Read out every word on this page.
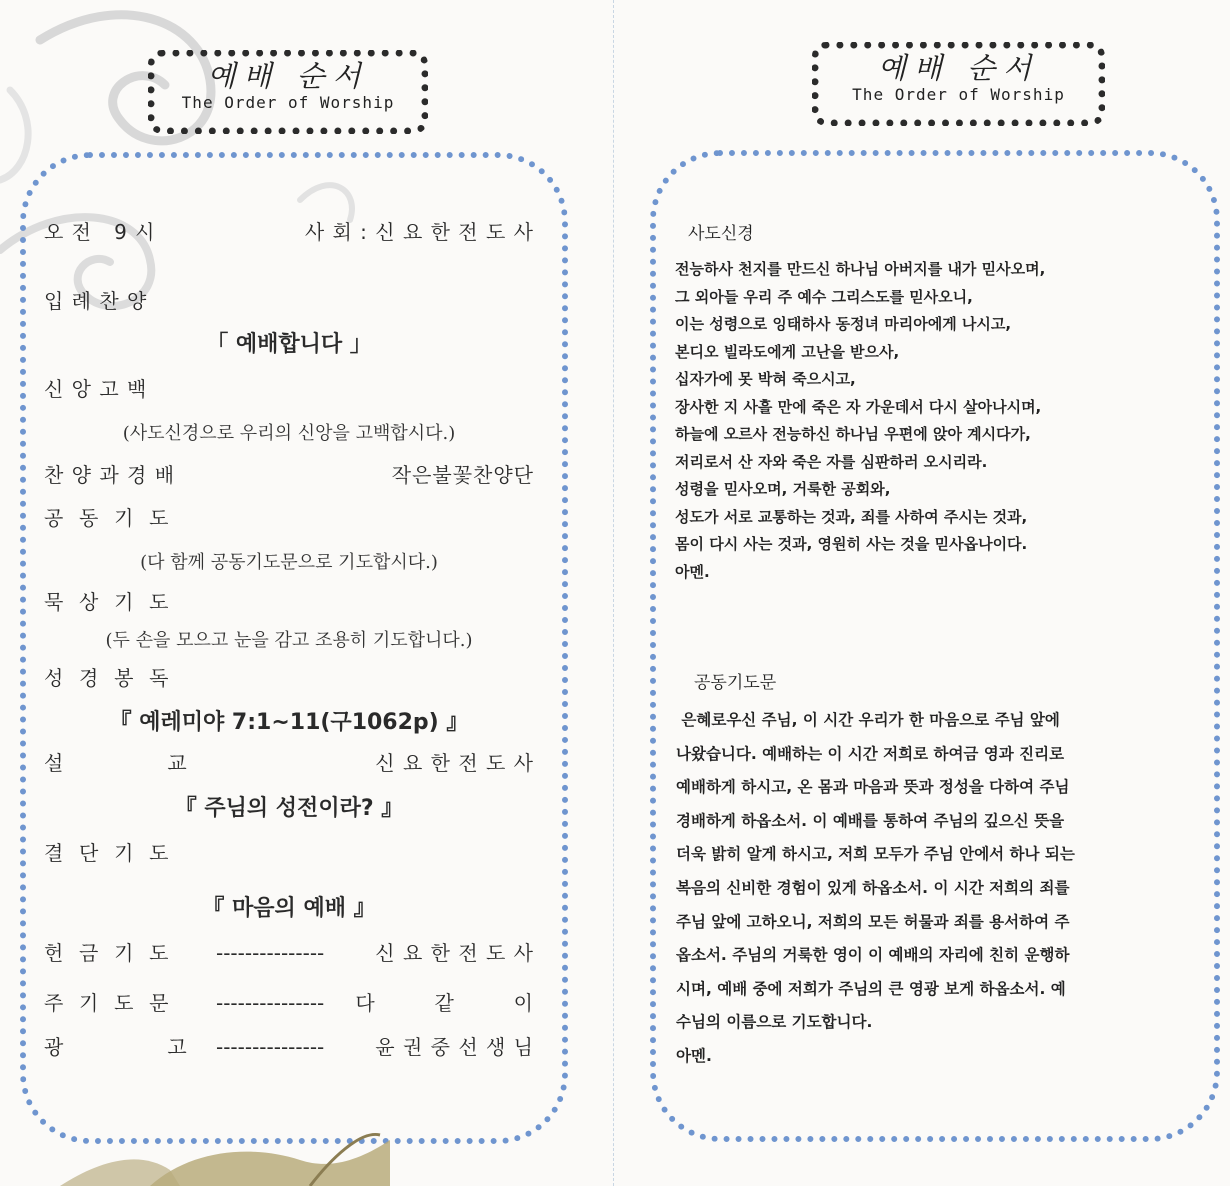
예배 순서
The Order of Worship
예배 순서
The Order of Worship
오 전   9 시	사 회 : 신 요 한 전 도 사
입 례 찬 양
「 예배합니다 」
신 앙 고 백
(사도신경으로 우리의 신앙을 고백합시다.)
찬 양 과 경 배	작은불꽃찬양단
공  동  기  도
(다 함께 공동기도문으로 기도합시다.)
묵  상  기  도
(두 손을 모으고 눈을 감고 조용히 기도합니다.)
성  경  봉  독
『 예레미야 7:1~11(구1062p) 』
설              교	신 요 한 전 도 사
『 주님의 성전이라? 』
결  단  기  도
『 마음의 예배 』
헌  금  기  도 ---------------	신 요 한 전 도 사
주  기  도  문 ---------------	다        같        이
광              고 ---------------	윤 권 중 선 생 님
사도신경
전능하사 천지를 만드신 하나님 아버지를 내가 믿사오며,
그 외아들 우리 주 예수 그리스도를 믿사오니,
이는 성령으로 잉태하사 동정녀 마리아에게 나시고,
본디오 빌라도에게 고난을 받으사,
십자가에 못 박혀 죽으시고,
장사한 지 사흘 만에 죽은 자 가운데서 다시 살아나시며,
하늘에 오르사 전능하신 하나님 우편에 앉아 계시다가,
저리로서 산 자와 죽은 자를 심판하러 오시리라.
성령을 믿사오며, 거룩한 공회와,
성도가 서로 교통하는 것과, 죄를 사하여 주시는 것과,
몸이 다시 사는 것과, 영원히 사는 것을 믿사옵나이다.
아멘.
공동기도문
은혜로우신 주님, 이 시간 우리가 한 마음으로 주님 앞에
나왔습니다. 예배하는 이 시간 저희로 하여금 영과 진리로
예배하게 하시고, 온 몸과 마음과 뜻과 정성을 다하여 주님
경배하게 하옵소서. 이 예배를 통하여 주님의 깊으신 뜻을
더욱 밝히 알게 하시고, 저희 모두가 주님 안에서 하나 되는
복음의 신비한 경험이 있게 하옵소서. 이 시간 저희의 죄를
주님 앞에 고하오니, 저희의 모든 허물과 죄를 용서하여 주
옵소서. 주님의 거룩한 영이 이 예배의 자리에 친히 운행하
시며, 예배 중에 저희가 주님의 큰 영광 보게 하옵소서. 예
수님의 이름으로 기도합니다.
아멘.
